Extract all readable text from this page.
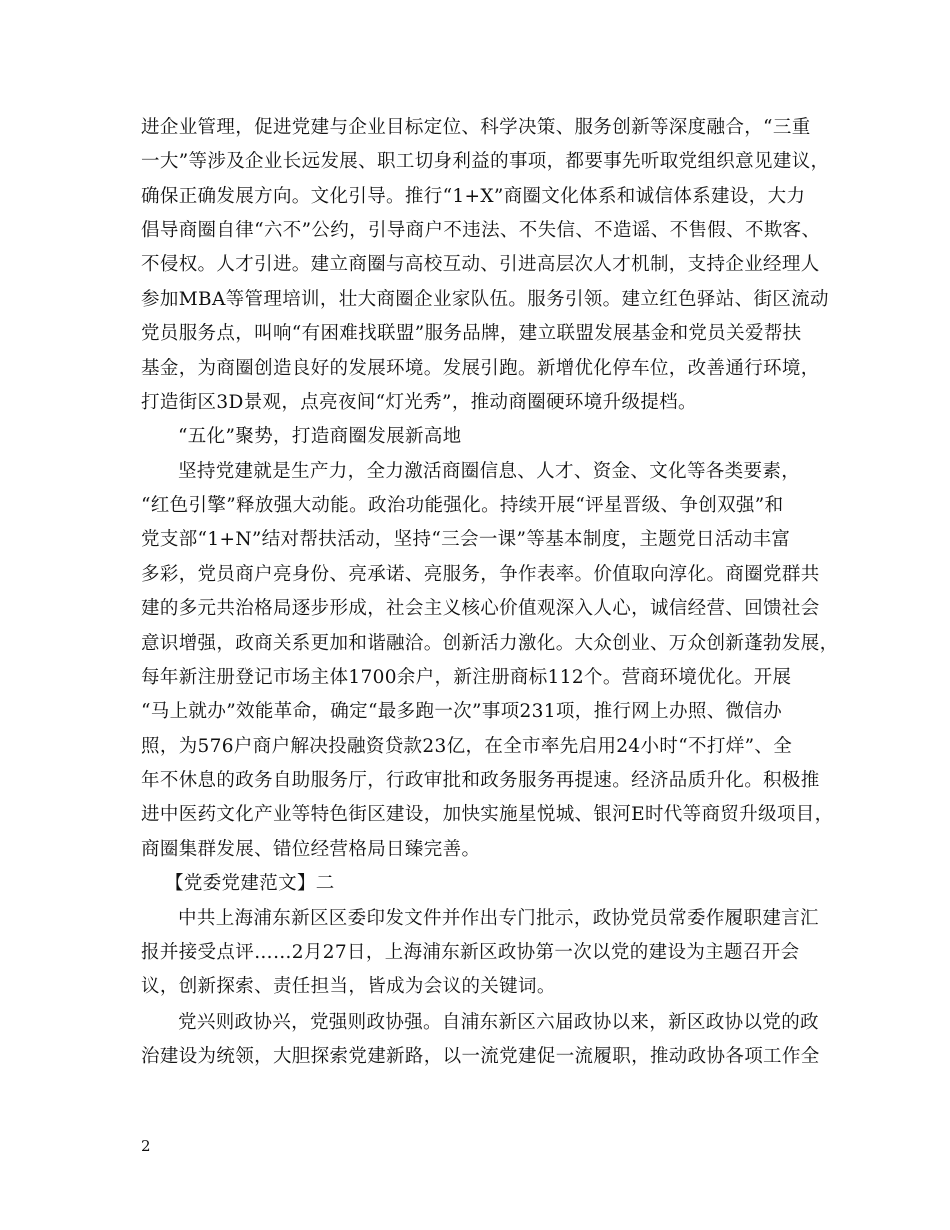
进企业管理，促进党建与企业目标定位、科学决策、服务创新等深度融合，“三重
一大”等涉及企业长远发展、职工切身利益的事项，都要事先听取党组织意见建议，
确保正确发展方向。文化引导。推行“1+X”商圈文化体系和诚信体系建设，大力
倡导商圈自律“六不”公约，引导商户不违法、不失信、不造谣、不售假、不欺客、
不侵权。人才引进。建立商圈与高校互动、引进高层次人才机制，支持企业经理人
参加MBA等管理培训，壮大商圈企业家队伍。服务引领。建立红色驿站、街区流动
党员服务点，叫响“有困难找联盟”服务品牌，建立联盟发展基金和党员关爱帮扶
基金，为商圈创造良好的发展环境。发展引跑。新增优化停车位，改善通行环境，
打造街区3D景观，点亮夜间“灯光秀”，推动商圈硬环境升级提档。
“五化”聚势，打造商圈发展新高地
坚持党建就是生产力，全力激活商圈信息、人才、资金、文化等各类要素，
“红色引擎”释放强大动能。政治功能强化。持续开展“评星晋级、争创双强”和
党支部“1+N”结对帮扶活动，坚持“三会一课”等基本制度，主题党日活动丰富
多彩，党员商户亮身份、亮承诺、亮服务，争作表率。价值取向淳化。商圈党群共
建的多元共治格局逐步形成，社会主义核心价值观深入人心，诚信经营、回馈社会
意识增强，政商关系更加和谐融洽。创新活力激化。大众创业、万众创新蓬勃发展，
每年新注册登记市场主体1700余户，新注册商标112个。营商环境优化。开展
“马上就办”效能革命，确定“最多跑一次”事项231项，推行网上办照、微信办
照，为576户商户解决投融资贷款23亿，在全市率先启用24小时“不打烊”、全
年不休息的政务自助服务厅，行政审批和政务服务再提速。经济品质升化。积极推
进中医药文化产业等特色街区建设，加快实施星悦城、银河E时代等商贸升级项目，
商圈集群发展、错位经营格局日臻完善。
【党委党建范文】二
中共上海浦东新区区委印发文件并作出专门批示，政协党员常委作履职建言汇
报并接受点评……2月27日，上海浦东新区政协第一次以党的建设为主题召开会
议，创新探索、责任担当，皆成为会议的关键词。
党兴则政协兴，党强则政协强。自浦东新区六届政协以来，新区政协以党的政
治建设为统领，大胆探索党建新路，以一流党建促一流履职，推动政协各项工作全
2
